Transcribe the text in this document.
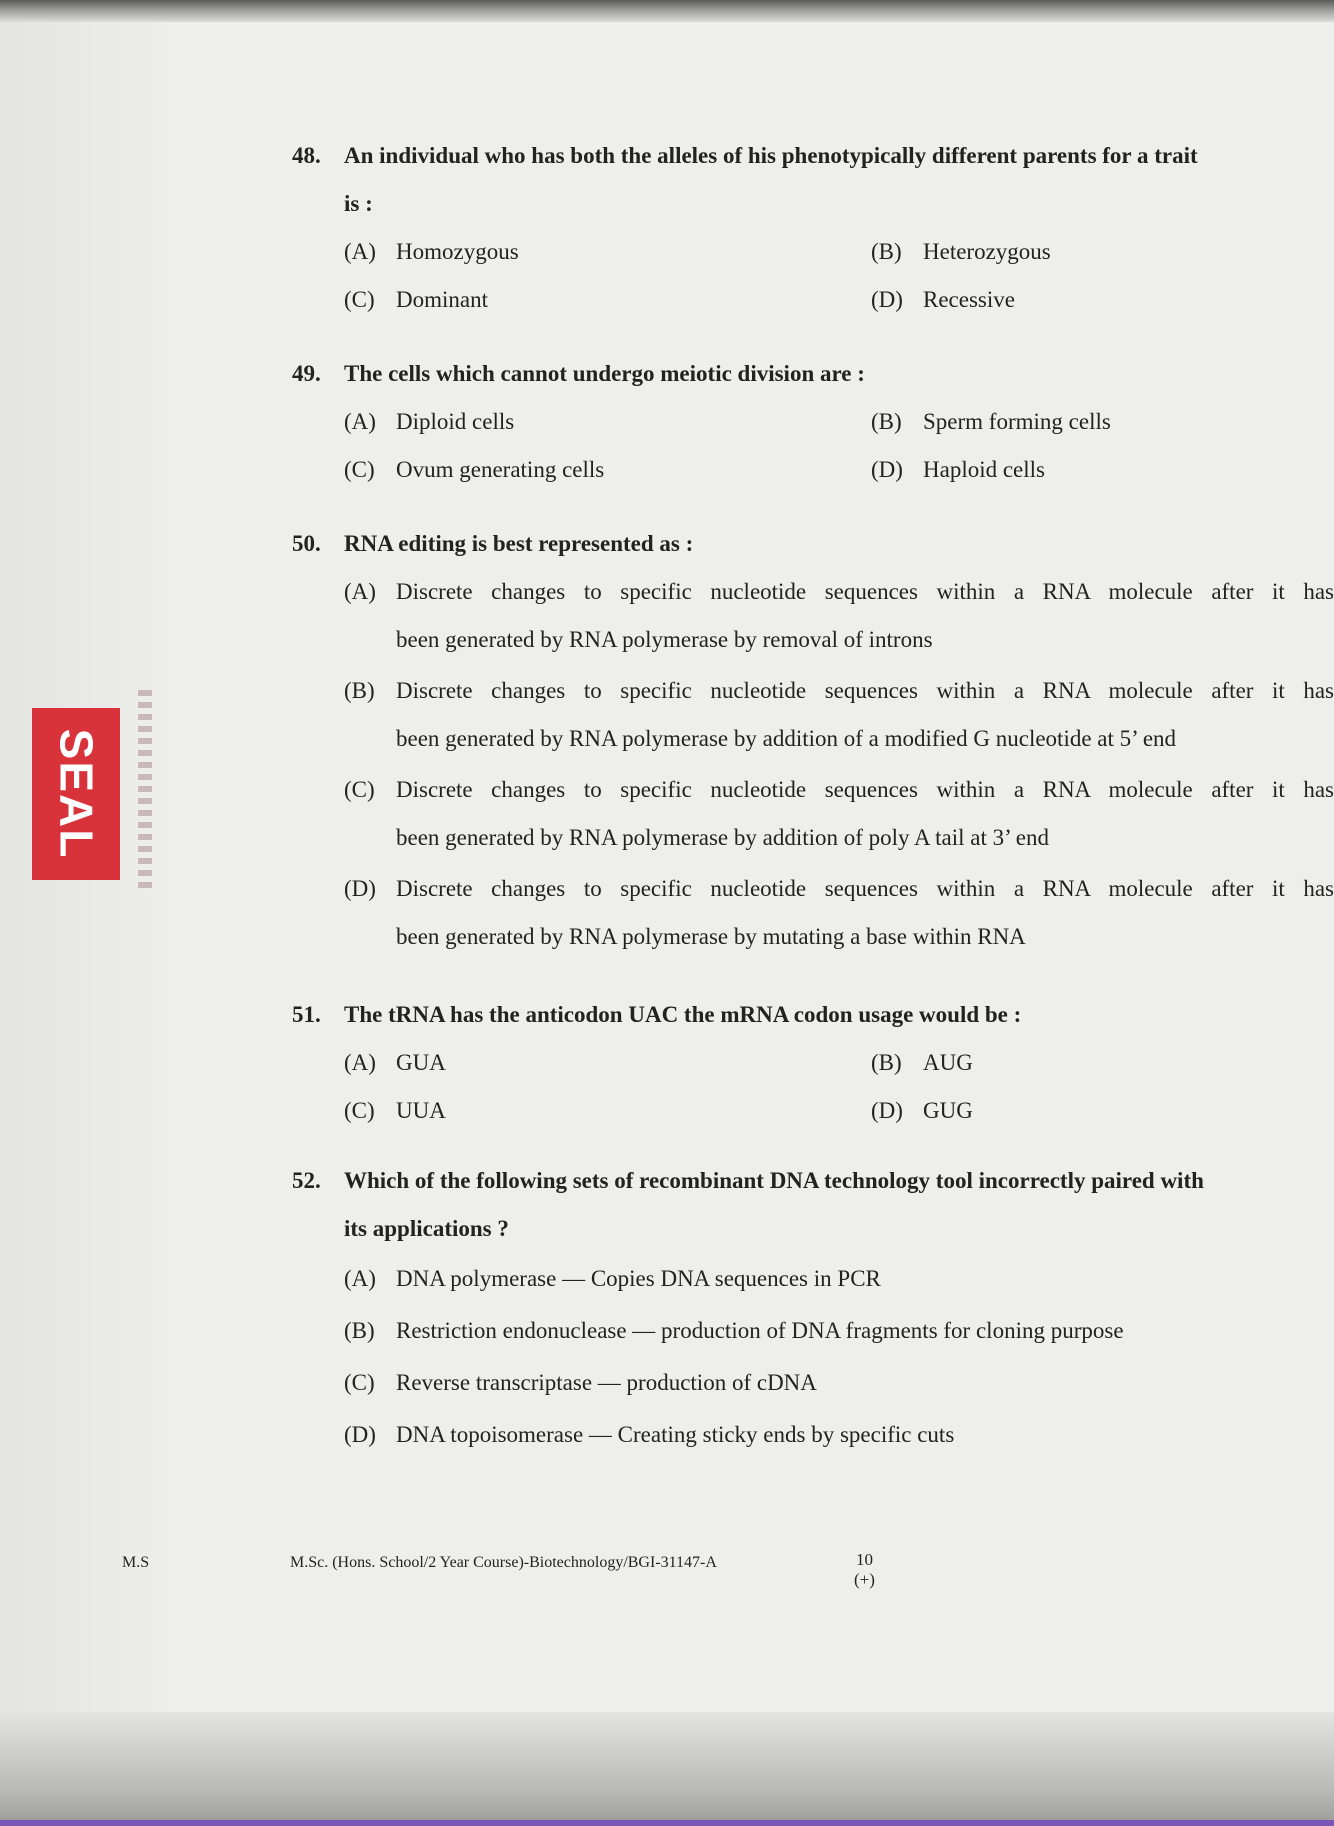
SEAL
48.	An individual who has both the alleles of his phenotypically different parents for a trait
is :
(A) Homozygous	(B) Heterozygous
(C) Dominant	(D) Recessive
49.	The cells which cannot undergo meiotic division are :
(A) Diploid cells	(B) Sperm forming cells
(C) Ovum generating cells	(D) Haploid cells
50.	RNA editing is best represented as :
(A) Discrete changes to specific nucleotide sequences within a RNA molecule after it has
been generated by RNA polymerase by removal of introns
(B) Discrete changes to specific nucleotide sequences within a RNA molecule after it has
been generated by RNA polymerase by addition of a modified G nucleotide at 5’ end
(C) Discrete changes to specific nucleotide sequences within a RNA molecule after it has
been generated by RNA polymerase by addition of poly A tail at 3’ end
(D) Discrete changes to specific nucleotide sequences within a RNA molecule after it has
been generated by RNA polymerase by mutating a base within RNA
51.	The tRNA has the anticodon UAC the mRNA codon usage would be :
(A) GUA	(B) AUG
(C) UUA	(D) GUG
52.	Which of the following sets of recombinant DNA technology tool incorrectly paired with
its applications ?
(A) DNA polymerase — Copies DNA sequences in PCR
(B) Restriction endonuclease — production of DNA fragments for cloning purpose
(C) Reverse transcriptase — production of cDNA
(D) DNA topoisomerase — Creating sticky ends by specific cuts
M.S	M.Sc. (Hons. School/2 Year Course)-Biotechnology/BGI-31147-A	10
(+)
